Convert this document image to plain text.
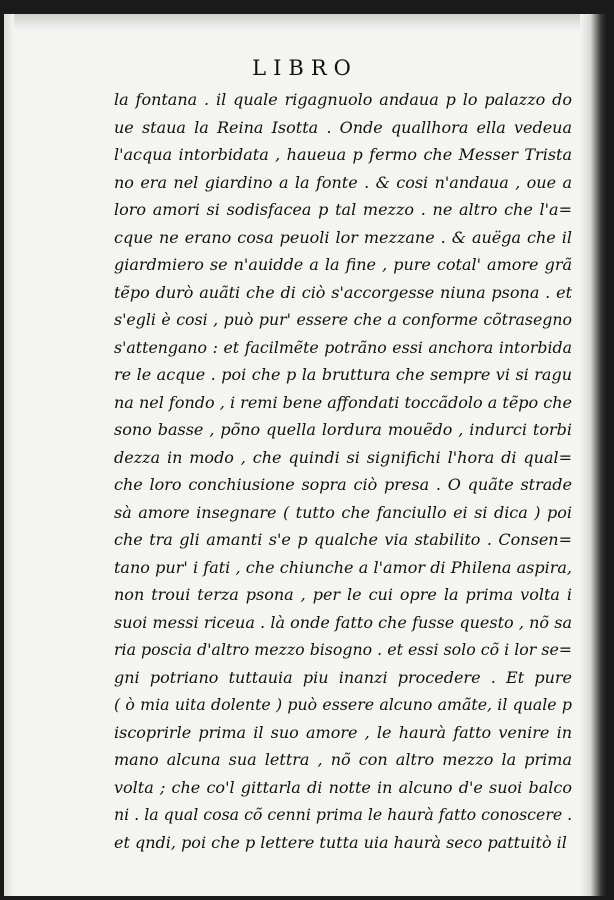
LIBRO
la fontana . il quale rigagnuolo andaua p lo palazzo do
ue staua la Reina Isotta . Onde quallhora ella vedeua
l'acqua intorbidata , haueua p fermo che Messer Trista
no era nel giardino a la fonte . & cosi n'andaua , oue a
loro amori si sodisfacea p tal mezzo . ne altro che l'a=
cque ne erano cosa peuoli lor mezzane . & auëga che il
giardmiero se n'auidde a la fine , pure cotal' amore grã
tẽpo durò auãti che di ciò s'accorgesse niuna psona . et
s'egli è cosi , può pur' essere che a conforme cõtrasegno
s'attengano : et facilmẽte potrãno essi anchora intorbida
re le acque . poi che p la bruttura che sempre vi si ragu
na nel fondo , i remi bene affondati toccãdolo a tẽpo che
sono basse , põno quella lordura mouẽdo , indurci torbi
dezza in modo , che quindi si significhi l'hora di qual=
che loro conchiusione sopra ciò presa . O quãte strade
sà amore insegnare ( tutto che fanciullo ei si dica ) poi
che tra gli amanti s'e p qualche via stabilito . Consen=
tano pur' i fati , che chiunche a l'amor di Philena aspira,
non troui terza psona , per le cui opre la prima volta i
suoi messi riceua . là onde fatto che fusse questo , nõ sa
ria poscia d'altro mezzo bisogno . et essi solo cõ i lor se=
gni potriano tuttauia piu inanzi procedere . Et pure
( ò mia uita dolente ) può essere alcuno amãte, il quale p
iscoprirle prima il suo amore , le haurà fatto venire in
mano alcuna sua lettra , nõ con altro mezzo la prima
volta ; che co'l gittarla di notte in alcuno d'e suoi balco
ni . la qual cosa cõ cenni prima le haurà fatto conoscere .
et qndi, poi che p lettere tutta uia haurà seco pattuitò il
